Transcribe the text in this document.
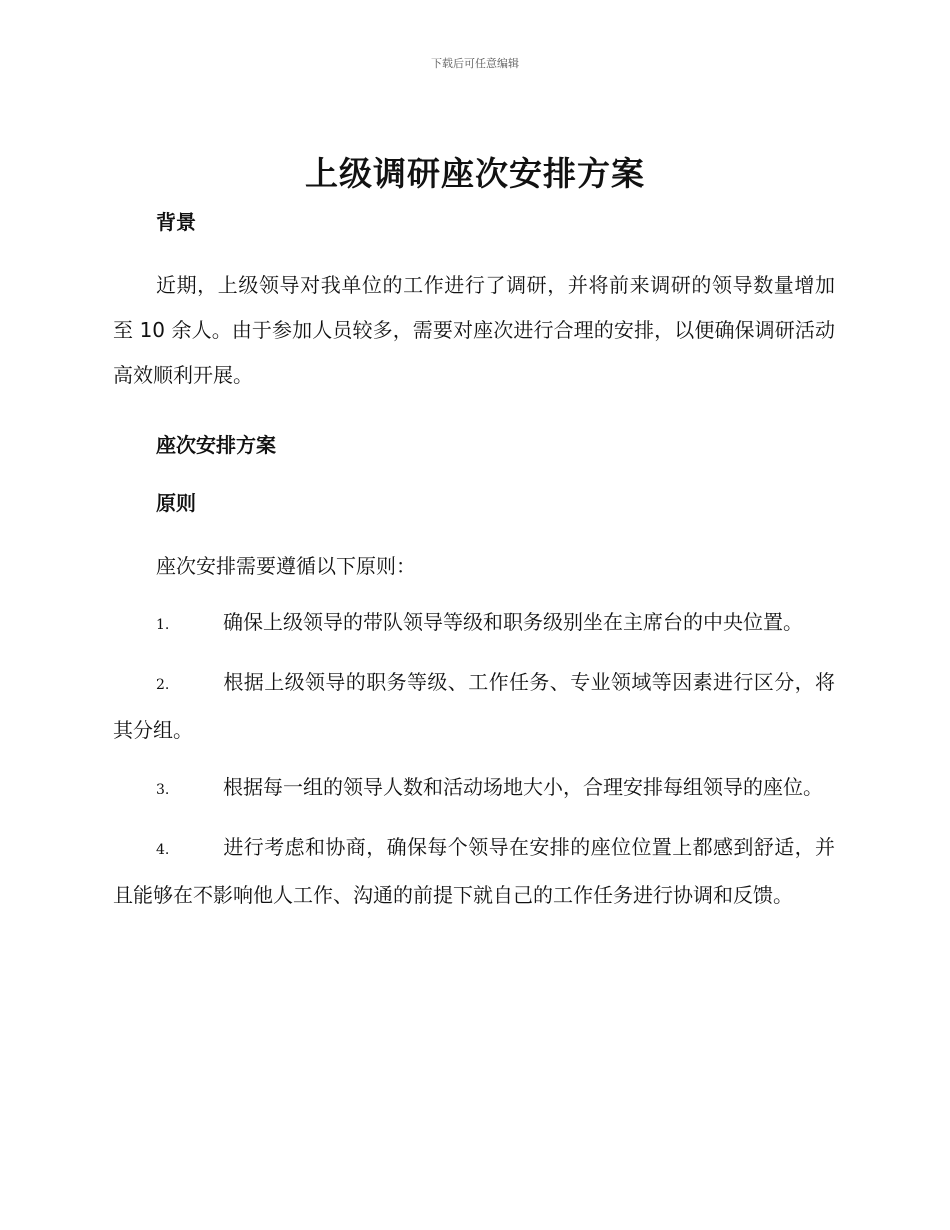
下载后可任意编辑
上级调研座次安排方案
背景
近期，上级领导对我单位的工作进行了调研，并将前来调研的领导数量增加至 10 余人。由于参加人员较多，需要对座次进行合理的安排，以便确保调研活动高效顺利开展。
座次安排方案
原则
座次安排需要遵循以下原则：
1.	确保上级领导的带队领导等级和职务级别坐在主席台的中央位置。
2.	根据上级领导的职务等级、工作任务、专业领域等因素进行区分，将其分组。
3.	根据每一组的领导人数和活动场地大小，合理安排每组领导的座位。
4.	进行考虑和协商，确保每个领导在安排的座位位置上都感到舒适，并且能够在不影响他人工作、沟通的前提下就自己的工作任务进行协调和反馈。
